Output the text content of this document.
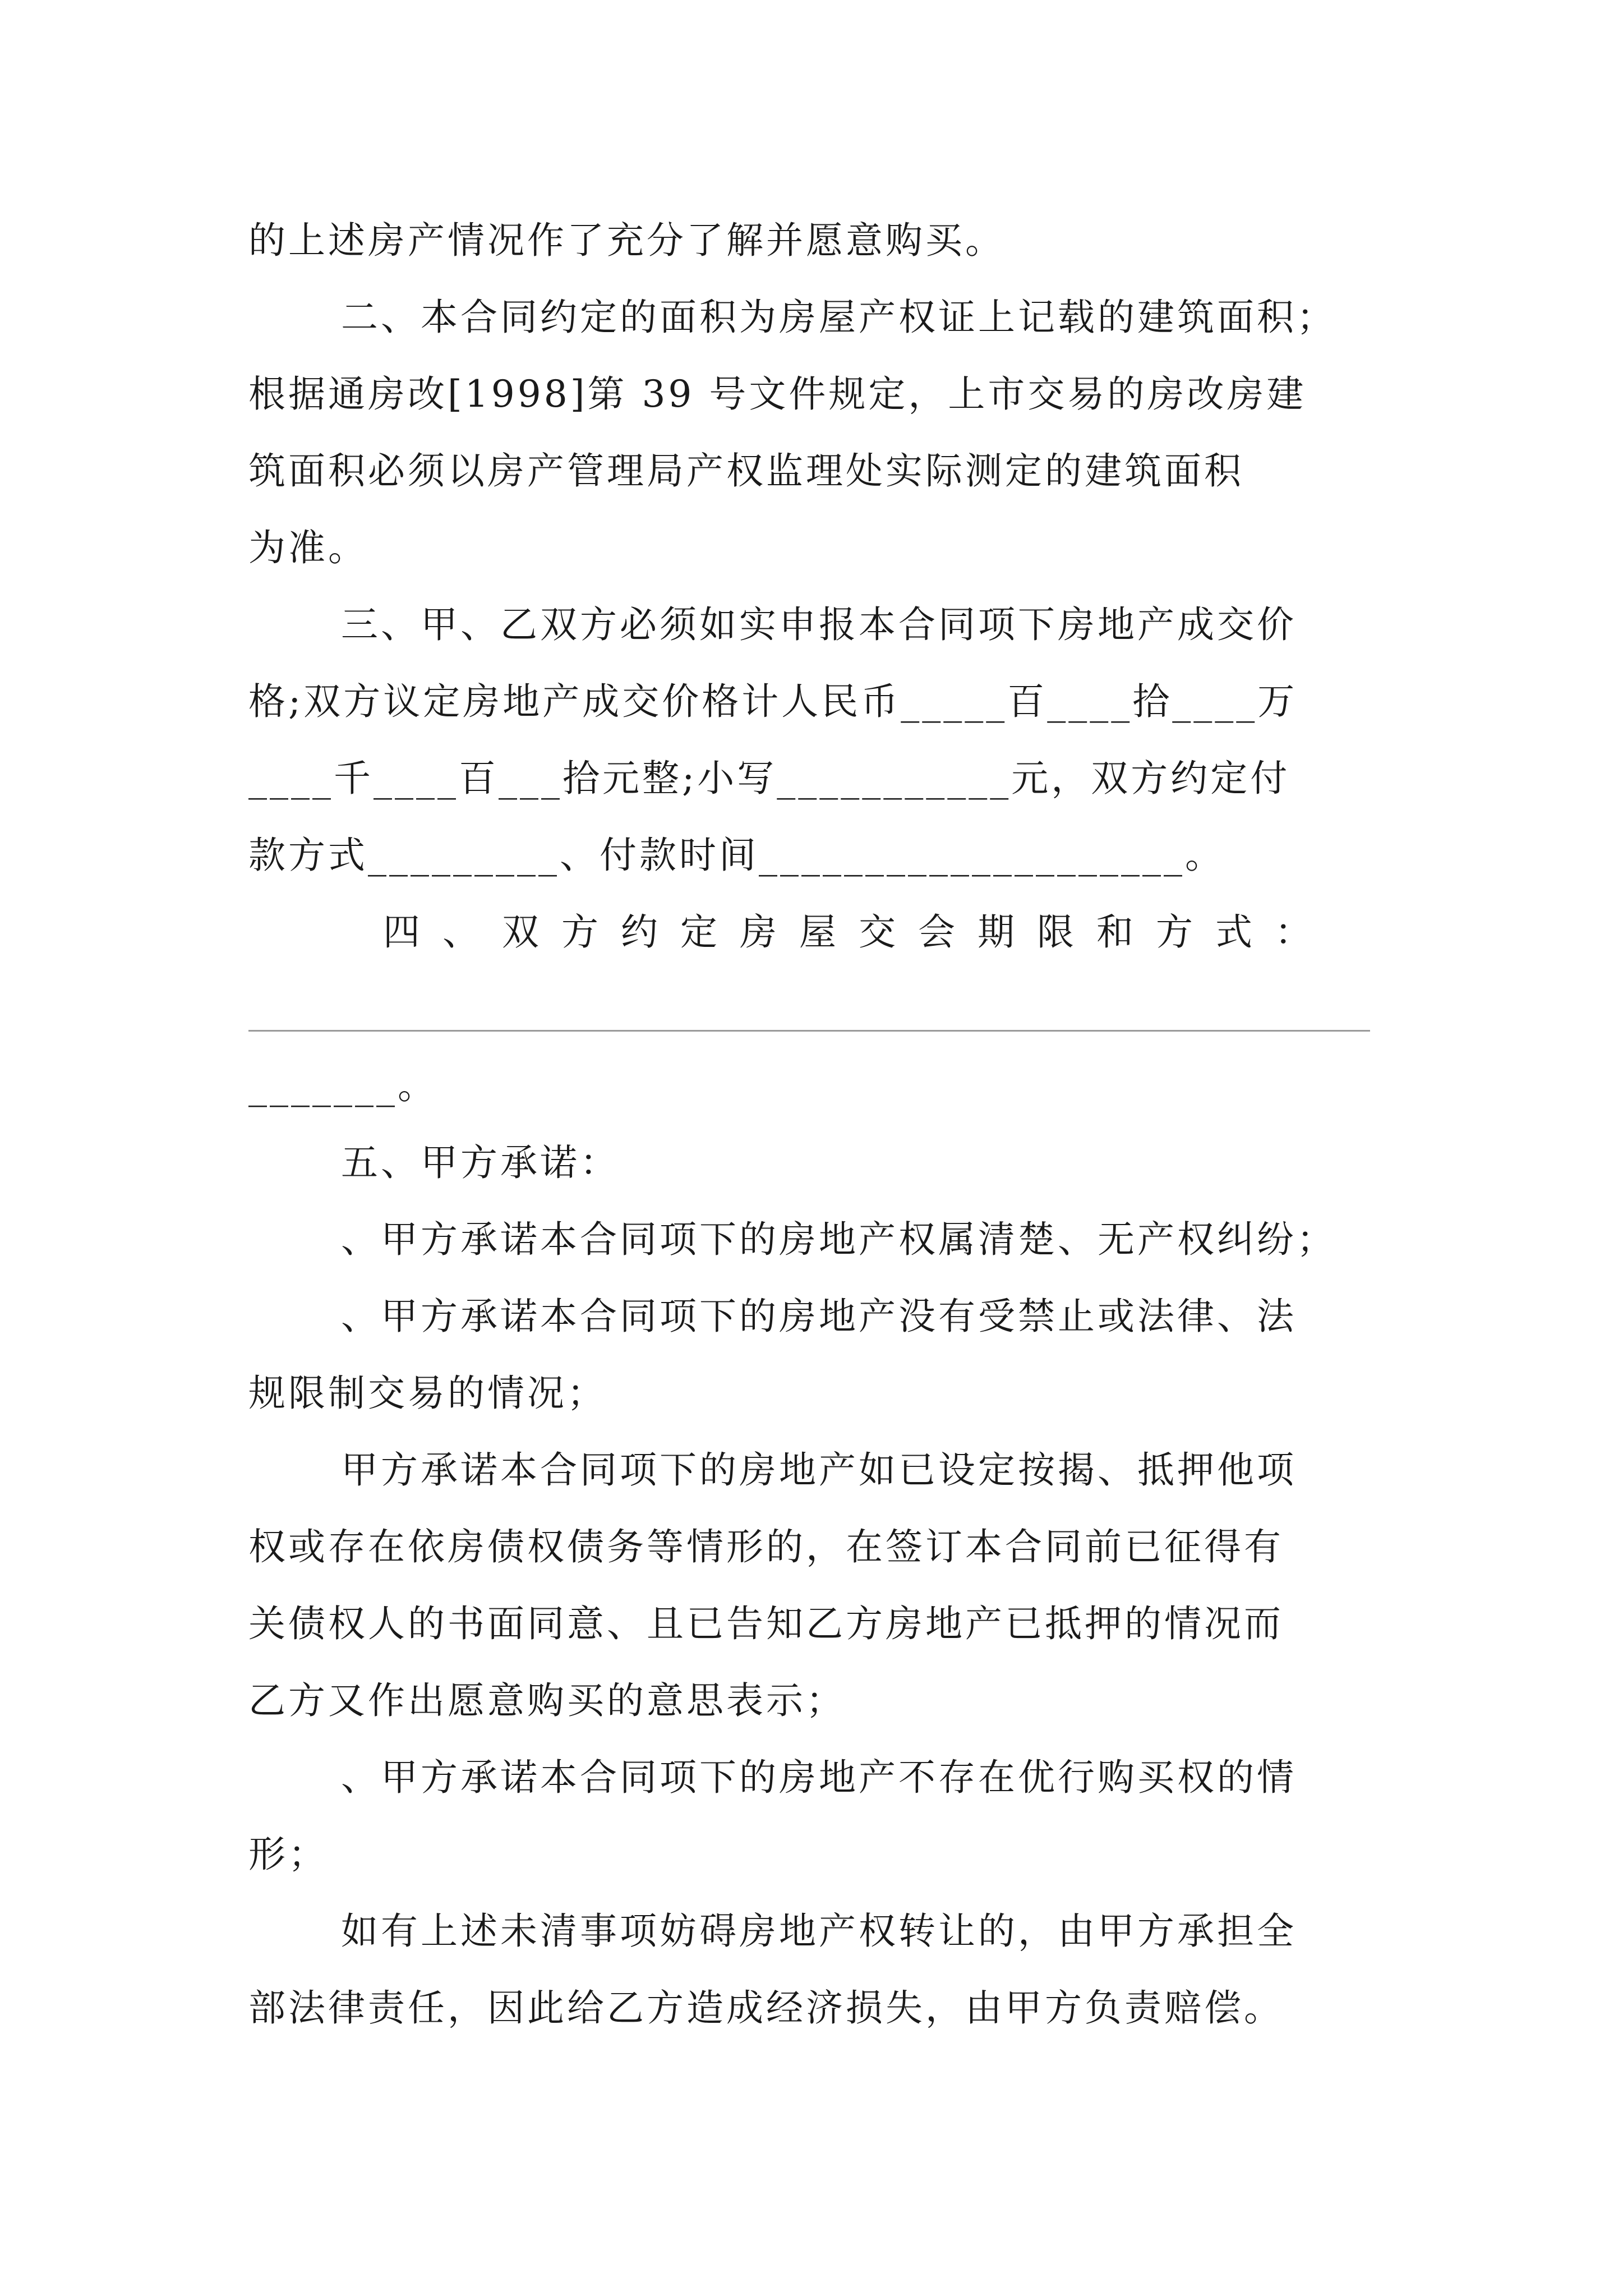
的上述房产情况作了充分了解并愿意购买。
二、本合同约定的面积为房屋产权证上记载的建筑面积；
根据通房改[1998]第 39 号文件规定，上市交易的房改房建
筑面积必须以房产管理局产权监理处实际测定的建筑面积
为准。
三、甲、乙双方必须如实申报本合同项下房地产成交价
格;双方议定房地产成交价格计人民币_____百____拾____万
____千____百___拾元整;小写___________元，双方约定付
款方式_________、付款时间____________________。
四、双方约定房屋交会期限和方式：
_______。
五、甲方承诺：
、甲方承诺本合同项下的房地产权属清楚、无产权纠纷；
、甲方承诺本合同项下的房地产没有受禁止或法律、法
规限制交易的情况；
甲方承诺本合同项下的房地产如已设定按揭、抵押他项
权或存在依房债权债务等情形的，在签订本合同前已征得有
关债权人的书面同意、且已告知乙方房地产已抵押的情况而
乙方又作出愿意购买的意思表示；
、甲方承诺本合同项下的房地产不存在优行购买权的情
形；
如有上述未清事项妨碍房地产权转让的，由甲方承担全
部法律责任，因此给乙方造成经济损失，由甲方负责赔偿。
